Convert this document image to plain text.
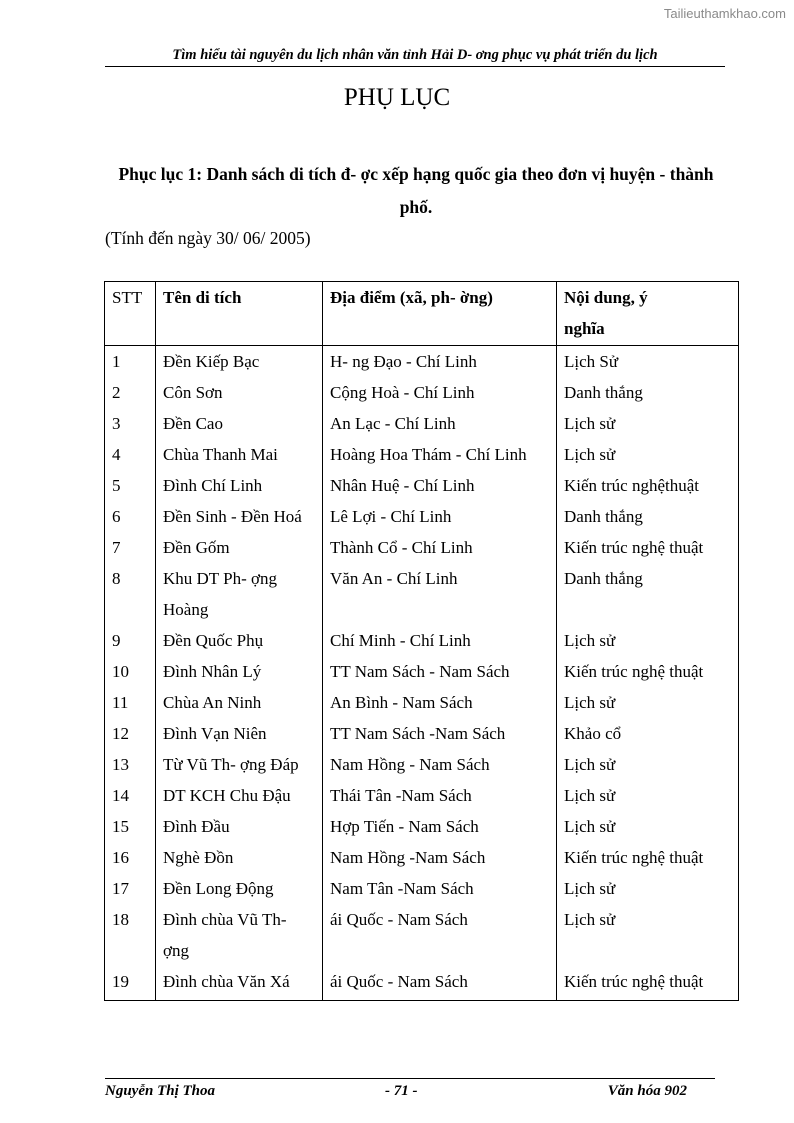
Tailieuthamkhao.com
Tìm hiểu tài nguyên du lịch nhân văn tỉnh Hải D- ơng phục vụ phát triển du lịch
PHỤ LỤC
Phục lục 1: Danh sách di tích đ- ợc xếp hạng quốc gia theo đơn vị huyện - thành phố.
(Tính đến ngày 30/ 06/ 2005)
STT	Tên di tích	Địa điểm (xã, ph- ờng)	Nội dung, ý nghĩa
1	Đền Kiếp Bạc	H- ng Đạo - Chí Linh	Lịch Sử
2	Côn Sơn	Cộng Hoà - Chí Linh	Danh thắng
3	Đền Cao	An Lạc - Chí Linh	Lịch sử
4	Chùa Thanh Mai	Hoàng Hoa Thám - Chí Linh	Lịch sử
5	Đình Chí Linh	Nhân Huệ - Chí Linh	Kiến trúc nghệthuật
6	Đền Sinh - Đền Hoá	Lê Lợi - Chí Linh	Danh thắng
7	Đền Gốm	Thành Cổ - Chí Linh	Kiến trúc nghệ thuật
8	Khu DT Ph- ợng Hoàng	Văn An - Chí Linh	Danh thắng
9	Đền Quốc Phụ	Chí Minh - Chí Linh	Lịch sử
10	Đình Nhân Lý	TT Nam Sách - Nam Sách	Kiến trúc nghệ thuật
11	Chùa An Ninh	An Bình - Nam Sách	Lịch sử
12	Đình Vạn Niên	TT Nam Sách -Nam Sách	Khảo cổ
13	Từ Vũ Th- ợng Đáp	Nam Hồng - Nam Sách	Lịch sử
14	DT KCH Chu Đậu	Thái Tân -Nam Sách	Lịch sử
15	Đình Đầu	Hợp Tiến - Nam Sách	Lịch sử
16	Nghè Đồn	Nam Hồng -Nam Sách	Kiến trúc nghệ thuật
17	Đền Long Động	Nam Tân -Nam Sách	Lịch sử
18	Đình chùa Vũ Th- ợng	ái Quốc - Nam Sách	Lịch sử
19	Đình chùa Văn Xá	ái Quốc - Nam Sách	Kiến trúc nghệ thuật
Nguyễn Thị Thoa	- 71 -	Văn hóa 902
